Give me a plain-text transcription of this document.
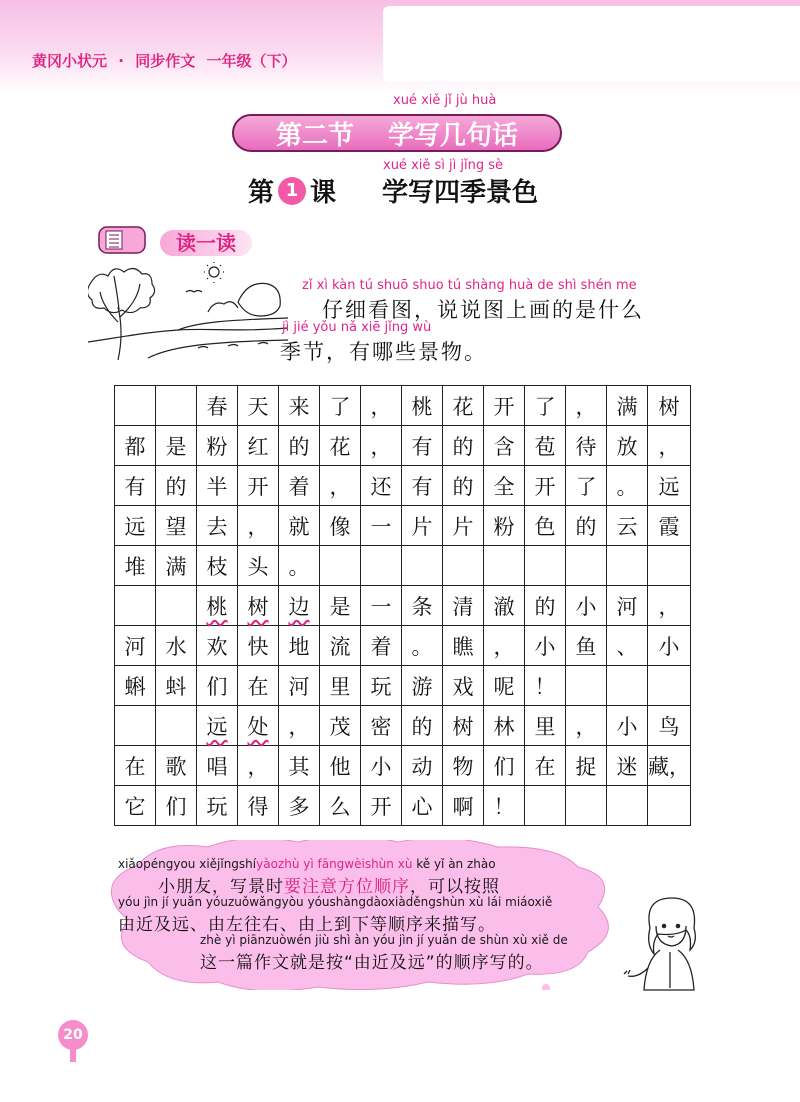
黄冈小状元 · 同步作文 一年级（下）
xué xiě jǐ jù huà
第二节 学写几句话
xué xiě sì jì jǐng sè
第 1 课 学写四季景色
读一读
zǐ xì kàn tú shuō shuo tú shàng huà de shì shén me
仔细看图，说说图上画的是什么
jì jié yǒu nǎ xiē jǐng wù
季节，有哪些景物。
		春	天	来	了	，	桃	花	开	了	，	满	树
都	是	粉	红	的	花	，	有	的	含	苞	待	放	，
有	的	半	开	着	，	还	有	的	全	开	了	。	远
远	望	去	，	就	像	一	片	片	粉	色	的	云	霞
堆	满	枝	头	。									
		桃	树	边	是	一	条	清	澈	的	小	河	，
河	水	欢	快	地	流	着	。	瞧	，	小	鱼	、	小
蝌	蚪	们	在	河	里	玩	游	戏	呢	！			
		远	处	，	茂	密	的	树	林	里	，	小	鸟
在	歌	唱	，	其	他	小	动	物	们	在	捉	迷	藏，
它	们	玩	得	多	么	开	心	啊	！				
xiǎopéngyou xiějǐngshíyàozhù yì fāngwèishùn xù kě yǐ àn zhào
小朋友，写景时要注意方位顺序，可以按照
yóu jìn jí yuǎn yóuzuǒwǎngyòu yóushàngdàoxiàděngshùn xù lái miáoxiě
由近及远、由左往右、由上到下等顺序来描写。
zhè yì piānzuòwén jiù shì àn yóu jìn jí yuǎn de shùn xù xiě de
这一篇作文就是按“由近及远”的顺序写的。
20
